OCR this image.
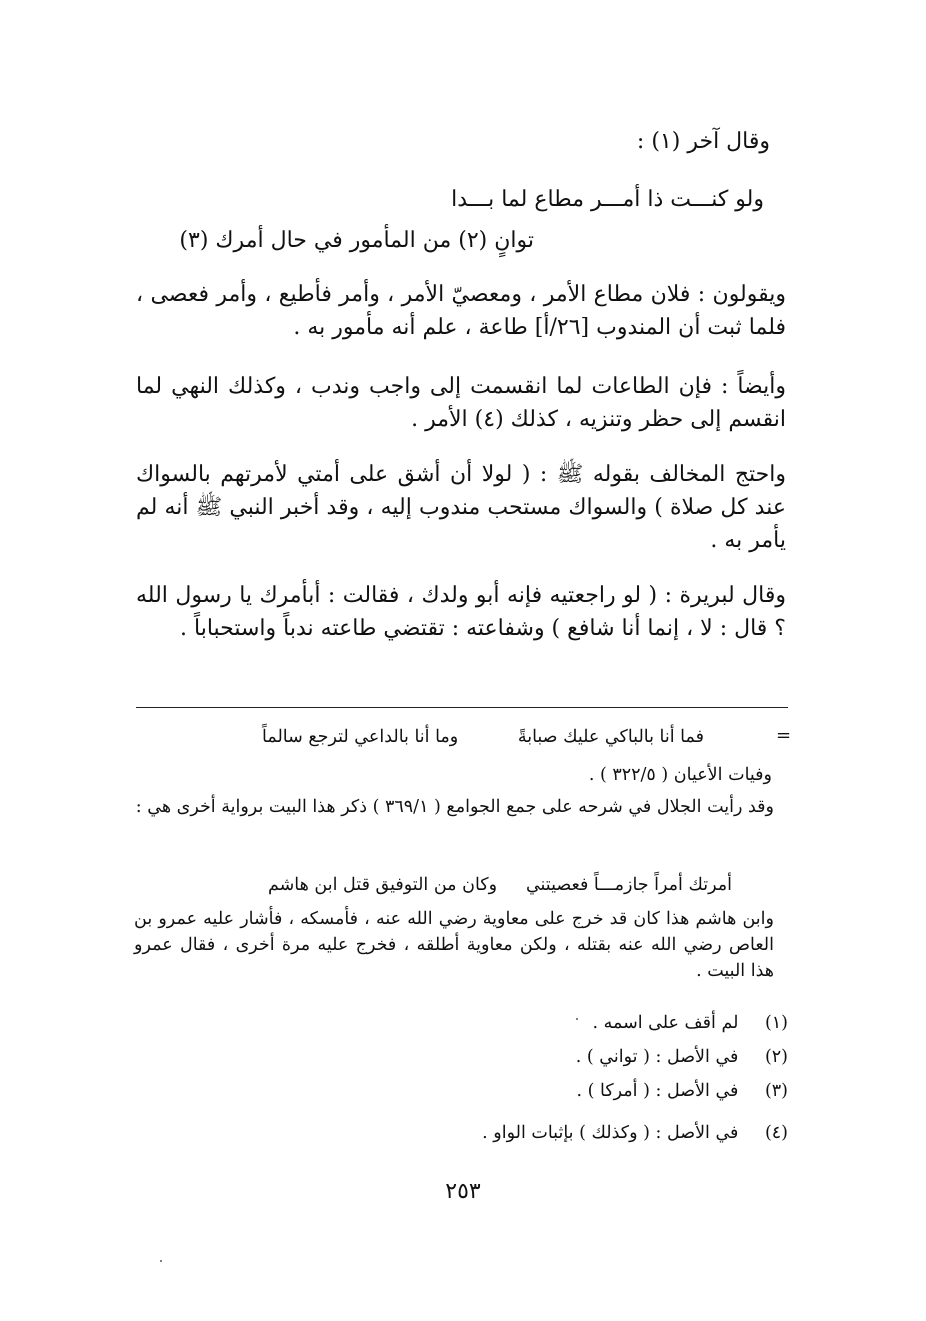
وقال آخر (١) :
ولو كنـــت ذا أمـــر مطاع لما بـــدا
توانٍ (٢) من المأمور في حال أمرك (٣)
ويقولون : فلان مطاع الأمر ، ومعصيّ الأمر ، وأمر فأطيع ، وأمر فعصى ، فلما ثبت أن المندوب [٢٦/أ] طاعة ، علم أنه مأمور به .
وأيضاً : فإن الطاعات لما انقسمت إلى واجب وندب ، وكذلك النهي لما انقسم إلى حظر وتنزيه ، كذلك (٤) الأمر .
واحتج المخالف بقوله ﷺ : ( لولا أن أشق على أمتي لأمرتهم بالسواك عند كل صلاة ) والسواك مستحب مندوب إليه ، وقد أخبر النبي ﷺ أنه لم يأمر به .
وقال لبريرة : ( لو راجعتيه فإنه أبو ولدك ، فقالت : أبأمرك يا رسول الله ؟ قال : لا ، إنما أنا شافع ) وشفاعته : تقتضي طاعته ندباً واستحباباً .
=
فما أنا بالباكي عليك صبابةً
وما أنا بالداعي لترجع سالماً
وفيات الأعيان ( ٣٢٢/٥ ) .
وقد رأيت الجلال في شرحه على جمع الجوامع ( ٣٦٩/١ ) ذكر هذا البيت برواية أخرى هي :
أمرتك أمراً جازمـــاً فعصيتني
وكان من التوفيق قتل ابن هاشم
وابن هاشم هذا كان قد خرج على معاوية رضي الله عنه ، فأمسكه ، فأشار عليه عمرو بن العاص رضي الله عنه بقتله ، ولكن معاوية أطلقه ، فخرج عليه مرة أخرى ، فقال عمرو هذا البيت .
(١) لم أقف على اسمه .
(٢) في الأصل : ( تواني ) .
(٣) في الأصل : ( أمركا ) .
(٤) في الأصل : ( وكذلك ) بإثبات الواو .
٢٥٣
